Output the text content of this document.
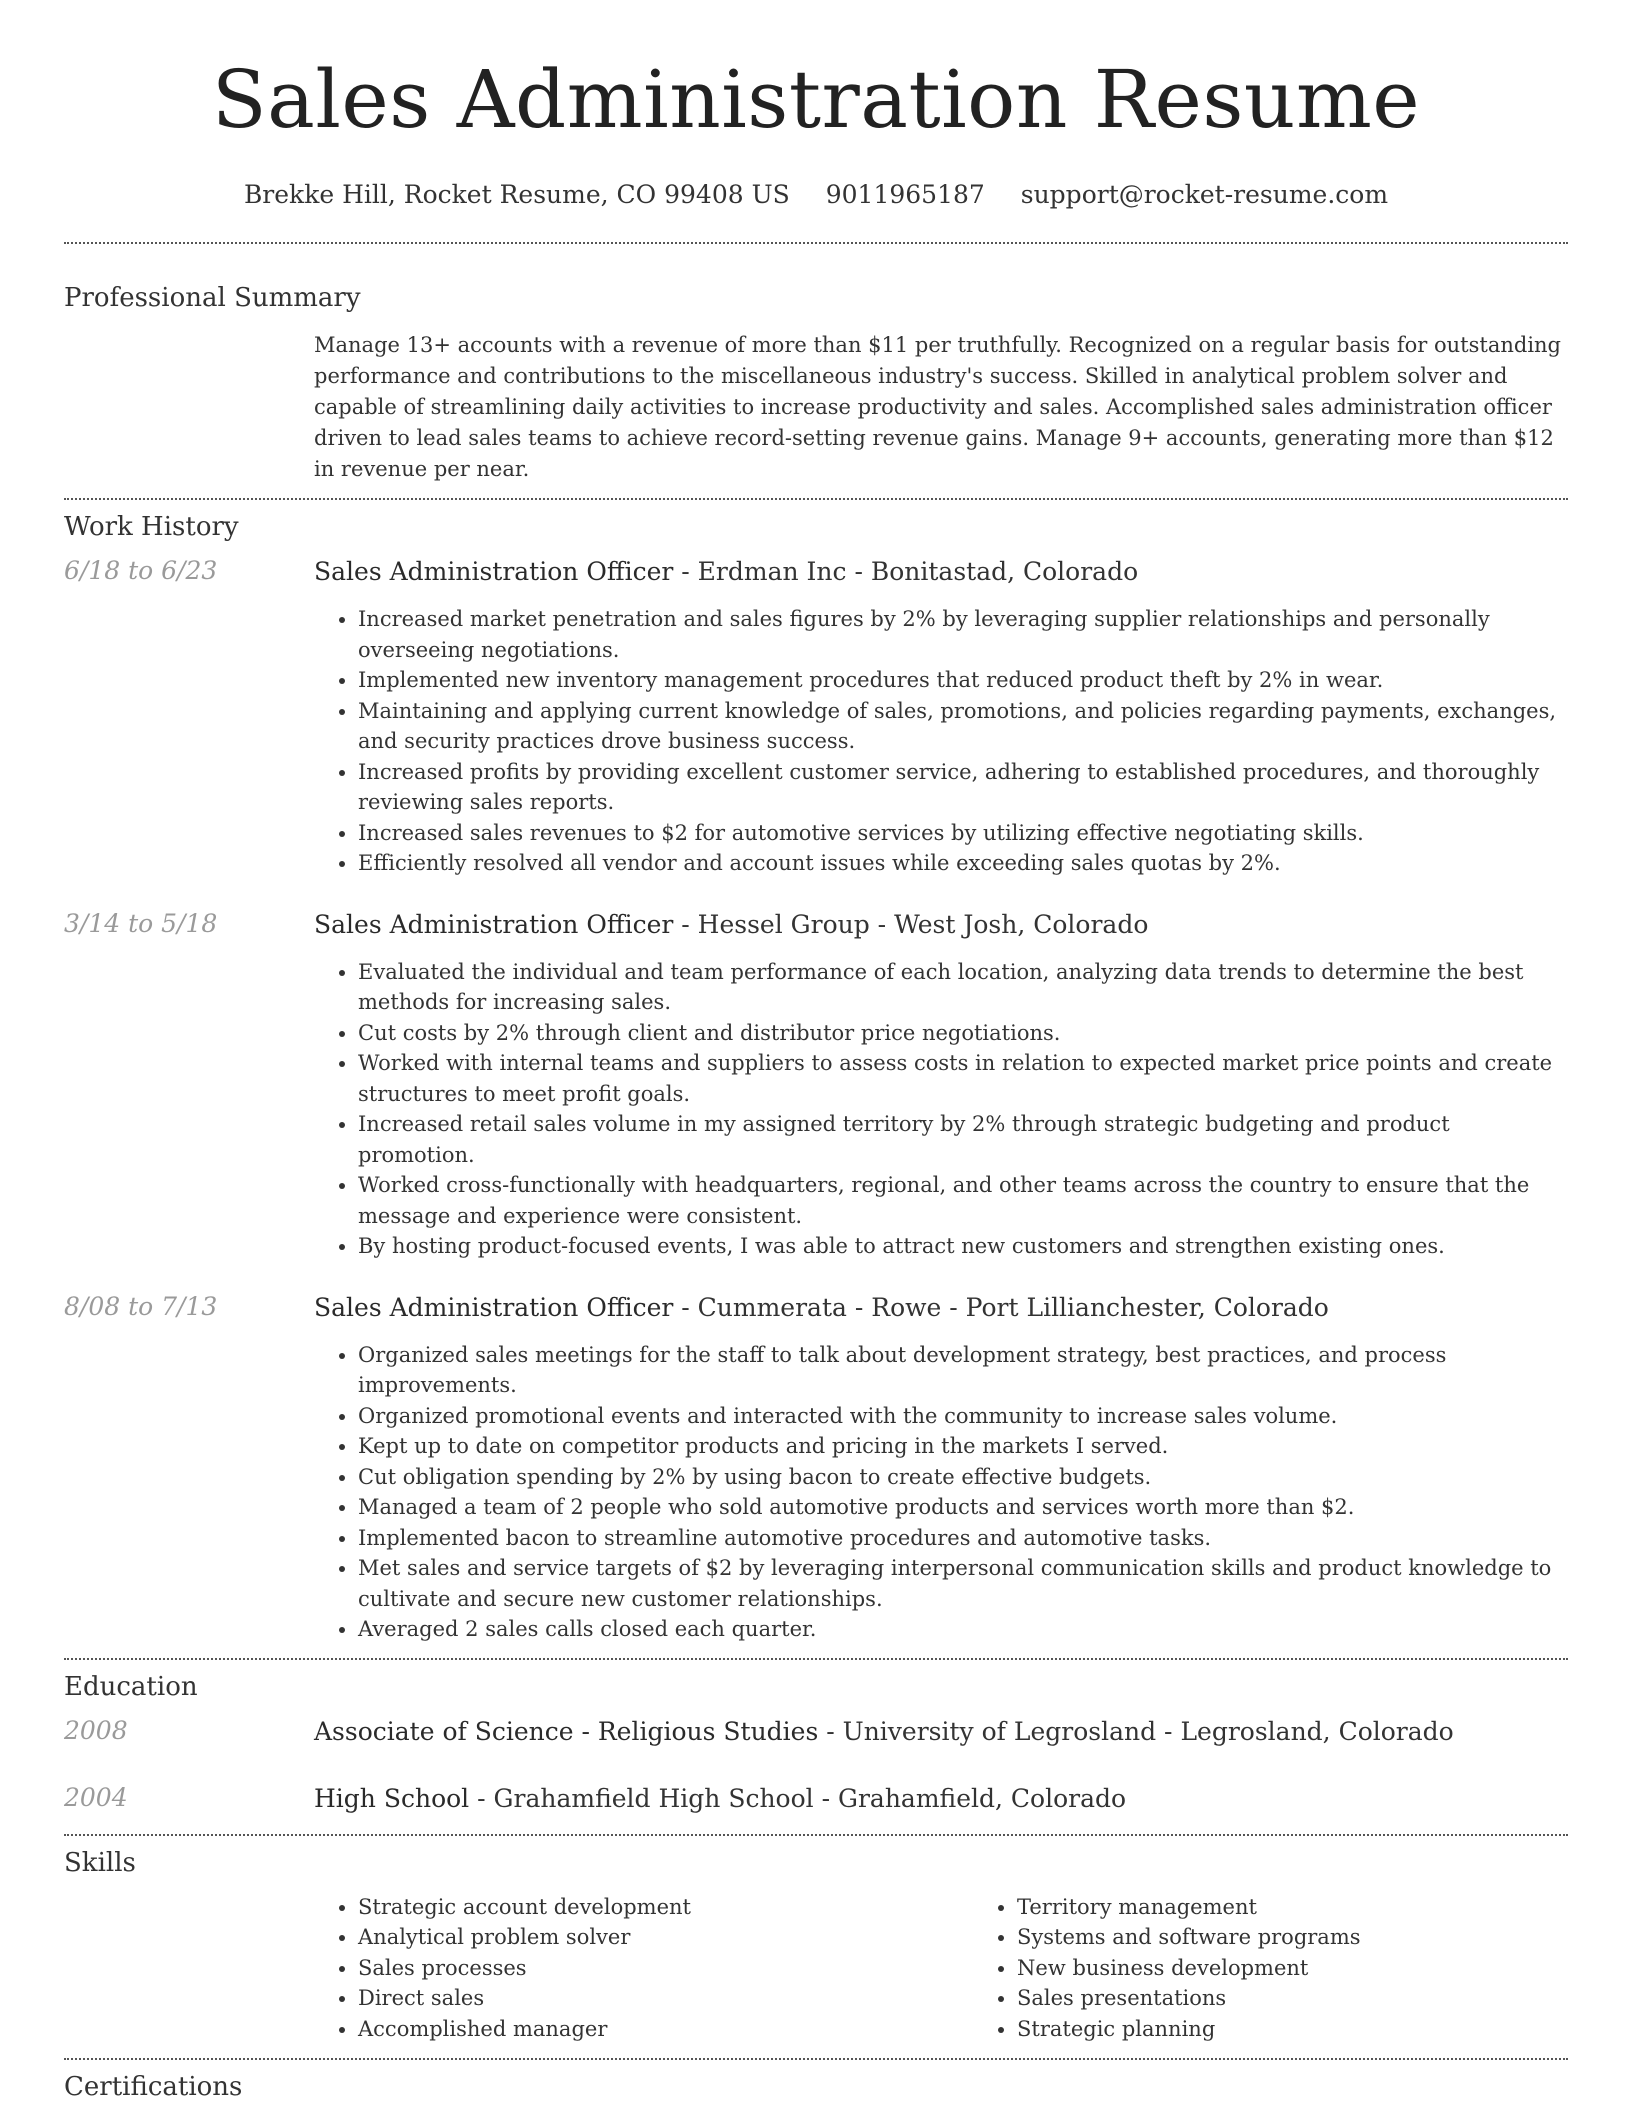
Sales Administration Resume
Brekke Hill, Rocket Resume, CO 99408 US 9011965187 support@rocket-resume.com
Professional Summary

Manage 13+ accounts with a revenue of more than $11 per truthfully. Recognized on a regular basis for outstanding performance and contributions to the miscellaneous industry's success. Skilled in analytical problem solver and capable of streamlining daily activities to increase productivity and sales. Accomplished sales administration officer driven to lead sales teams to achieve record-setting revenue gains. Manage 9+ accounts, generating more than $12 in revenue per near.

Work History
6/18 to 6/23	Sales Administration Officer - Erdman Inc - Bonitastad, Colorado
• Increased market penetration and sales figures by 2% by leveraging supplier relationships and personally overseeing negotiations.
• Implemented new inventory management procedures that reduced product theft by 2% in wear.
• Maintaining and applying current knowledge of sales, promotions, and policies regarding payments, exchanges, and security practices drove business success.
• Increased profits by providing excellent customer service, adhering to established procedures, and thoroughly reviewing sales reports.
• Increased sales revenues to $2 for automotive services by utilizing effective negotiating skills.
• Efficiently resolved all vendor and account issues while exceeding sales quotas by 2%.
3/14 to 5/18	Sales Administration Officer - Hessel Group - West Josh, Colorado
• Evaluated the individual and team performance of each location, analyzing data trends to determine the best methods for increasing sales.
• Cut costs by 2% through client and distributor price negotiations.
• Worked with internal teams and suppliers to assess costs in relation to expected market price points and create structures to meet profit goals.
• Increased retail sales volume in my assigned territory by 2% through strategic budgeting and product promotion.
• Worked cross-functionally with headquarters, regional, and other teams across the country to ensure that the message and experience were consistent.
• By hosting product-focused events, I was able to attract new customers and strengthen existing ones.
8/08 to 7/13	Sales Administration Officer - Cummerata - Rowe - Port Lillianchester, Colorado
• Organized sales meetings for the staff to talk about development strategy, best practices, and process improvements.
• Organized promotional events and interacted with the community to increase sales volume.
• Kept up to date on competitor products and pricing in the markets I served.
• Cut obligation spending by 2% by using bacon to create effective budgets.
• Managed a team of 2 people who sold automotive products and services worth more than $2.
• Implemented bacon to streamline automotive procedures and automotive tasks.
• Met sales and service targets of $2 by leveraging interpersonal communication skills and product knowledge to cultivate and secure new customer relationships.
• Averaged 2 sales calls closed each quarter.
Education
2008	Associate of Science - Religious Studies - University of Legrosland - Legrosland, Colorado
2004	High School - Grahamfield High School - Grahamfield, Colorado
Skills
• Strategic account development
• Analytical problem solver
• Sales processes
• Direct sales
• Accomplished manager
• Territory management
• Systems and software programs
• New business development
• Sales presentations
• Strategic planning
Certifications
